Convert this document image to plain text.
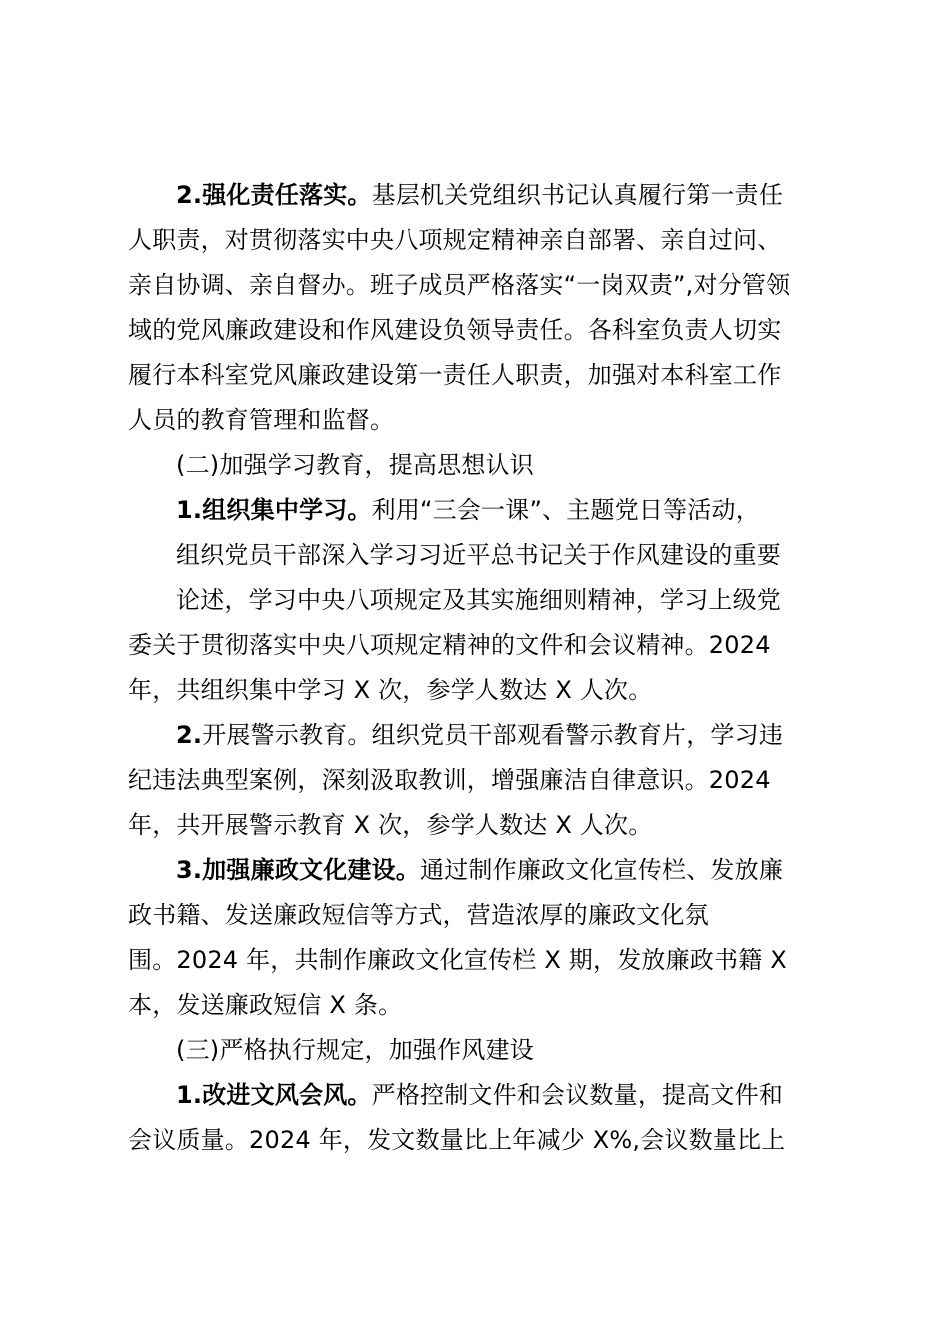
2.强化责任落实。基层机关党组织书记认真履行第一责任
人职责，对贯彻落实中央八项规定精神亲自部署、亲自过问、
亲自协调、亲自督办。班子成员严格落实“一岗双责”,对分管领
域的党风廉政建设和作风建设负领导责任。各科室负责人切实
履行本科室党风廉政建设第一责任人职责，加强对本科室工作
人员的教育管理和监督。
(二)加强学习教育，提高思想认识
1.组织集中学习。利用“三会一课”、主题党日等活动，
组织党员干部深入学习习近平总书记关于作风建设的重要
论述，学习中央八项规定及其实施细则精神，学习上级党
委关于贯彻落实中央八项规定精神的文件和会议精神。2024
年，共组织集中学习 X 次，参学人数达 X 人次。
2.开展警示教育。组织党员干部观看警示教育片，学习违
纪违法典型案例，深刻汲取教训，增强廉洁自律意识。2024
年，共开展警示教育 X 次，参学人数达 X 人次。
3.加强廉政文化建设。通过制作廉政文化宣传栏、发放廉
政书籍、发送廉政短信等方式，营造浓厚的廉政文化氛
围。2024 年，共制作廉政文化宣传栏 X 期，发放廉政书籍 X
本，发送廉政短信 X 条。
(三)严格执行规定，加强作风建设
1.改进文风会风。严格控制文件和会议数量，提高文件和
会议质量。2024 年，发文数量比上年减少 X%,会议数量比上
